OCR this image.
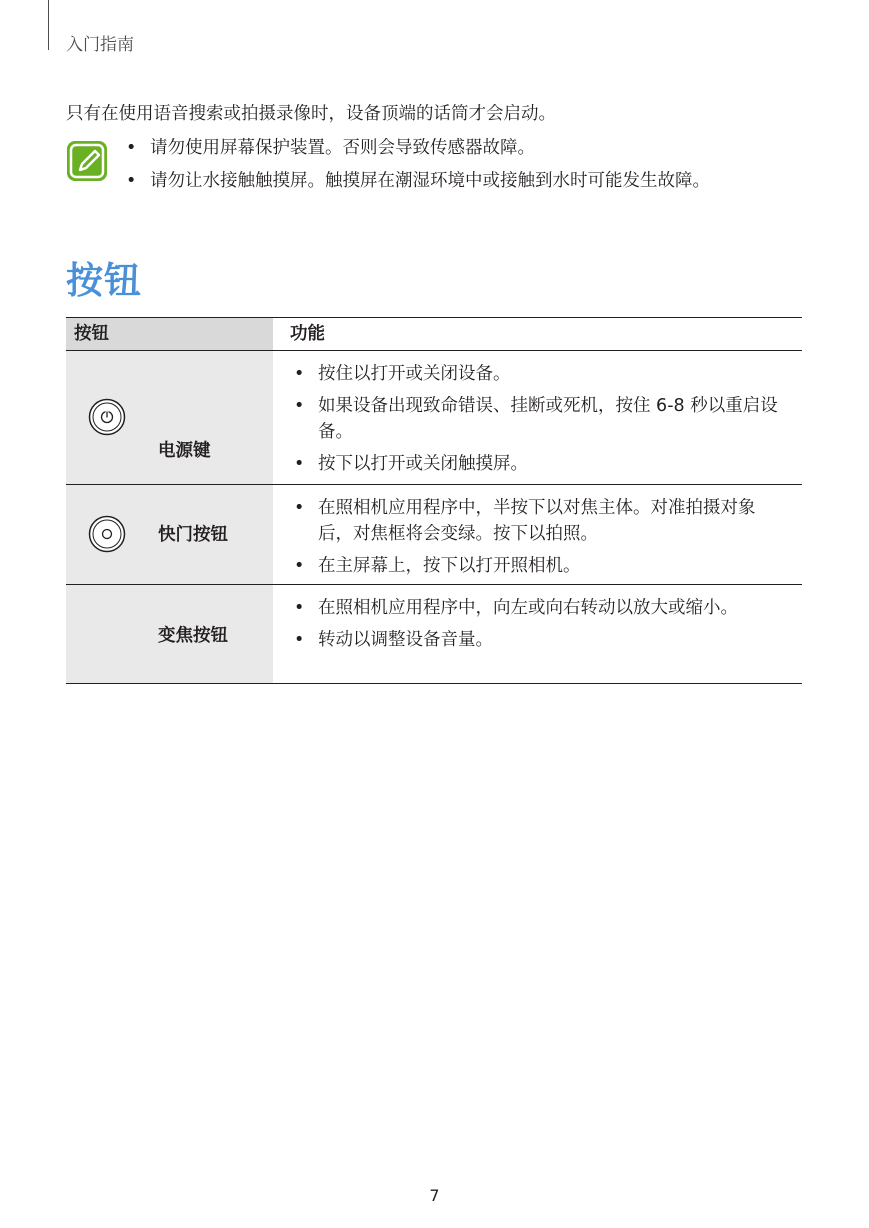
入门指南
只有在使用语音搜索或拍摄录像时，设备顶端的话筒才会启动。
• 请勿使用屏幕保护装置。否则会导致传感器故障。
• 请勿让水接触触摸屏。触摸屏在潮湿环境中或接触到水时可能发生故障。
按钮
按钮	功能
电源键
• 按住以打开或关闭设备。
• 如果设备出现致命错误、挂断或死机，按住 6-8 秒以重启设备。
• 按下以打开或关闭触摸屏。
快门按钮
• 在照相机应用程序中，半按下以对焦主体。对准拍摄对象后，对焦框将会变绿。按下以拍照。
• 在主屏幕上，按下以打开照相机。
变焦按钮
• 在照相机应用程序中，向左或向右转动以放大或缩小。
• 转动以调整设备音量。
7
